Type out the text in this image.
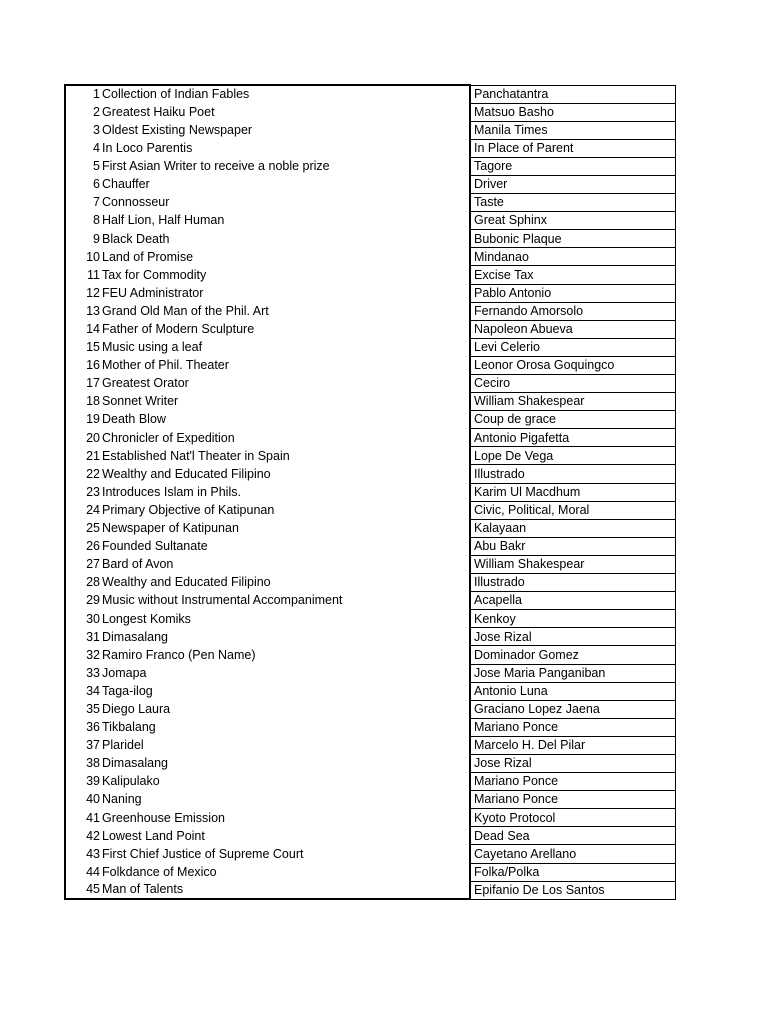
1	Collection of Indian Fables	Panchatantra
2	Greatest Haiku Poet	Matsuo Basho
3	Oldest Existing Newspaper	Manila Times
4	In Loco Parentis	In Place of Parent
5	First Asian Writer to receive a noble prize	Tagore
6	Chauffer	Driver
7	Connosseur	Taste
8	Half Lion, Half Human	Great Sphinx
9	Black Death	Bubonic Plaque
10	Land of Promise	Mindanao
11	Tax for Commodity	Excise Tax
12	FEU Administrator	Pablo Antonio
13	Grand Old Man of the Phil. Art	Fernando Amorsolo
14	Father of Modern Sculpture	Napoleon Abueva
15	Music using a leaf	Levi Celerio
16	Mother of Phil. Theater	Leonor Orosa Goquingco
17	Greatest Orator	Ceciro
18	Sonnet Writer	William Shakespear
19	Death Blow	Coup de grace
20	Chronicler of Expedition	Antonio Pigafetta
21	Established Nat'l Theater in Spain	Lope De Vega
22	Wealthy and Educated Filipino	Illustrado
23	Introduces Islam in Phils.	Karim Ul Macdhum
24	Primary Objective of Katipunan	Civic, Political, Moral
25	Newspaper of Katipunan	Kalayaan
26	Founded Sultanate	Abu Bakr
27	Bard of Avon	William Shakespear
28	Wealthy and Educated Filipino	Illustrado
29	Music without Instrumental Accompaniment	Acapella
30	Longest Komiks	Kenkoy
31	Dimasalang	Jose Rizal
32	Ramiro Franco (Pen Name)	Dominador Gomez
33	Jomapa	Jose Maria Panganiban
34	Taga-ilog	Antonio Luna
35	Diego Laura	Graciano Lopez Jaena
36	Tikbalang	Mariano Ponce
37	Plaridel	Marcelo H. Del Pilar
38	Dimasalang	Jose Rizal
39	Kalipulako	Mariano Ponce
40	Naning	Mariano Ponce
41	Greenhouse Emission	Kyoto Protocol
42	Lowest Land Point	Dead Sea
43	First Chief Justice of Supreme Court	Cayetano Arellano
44	Folkdance of Mexico	Folka/Polka
45	Man of Talents	Epifanio De Los Santos
